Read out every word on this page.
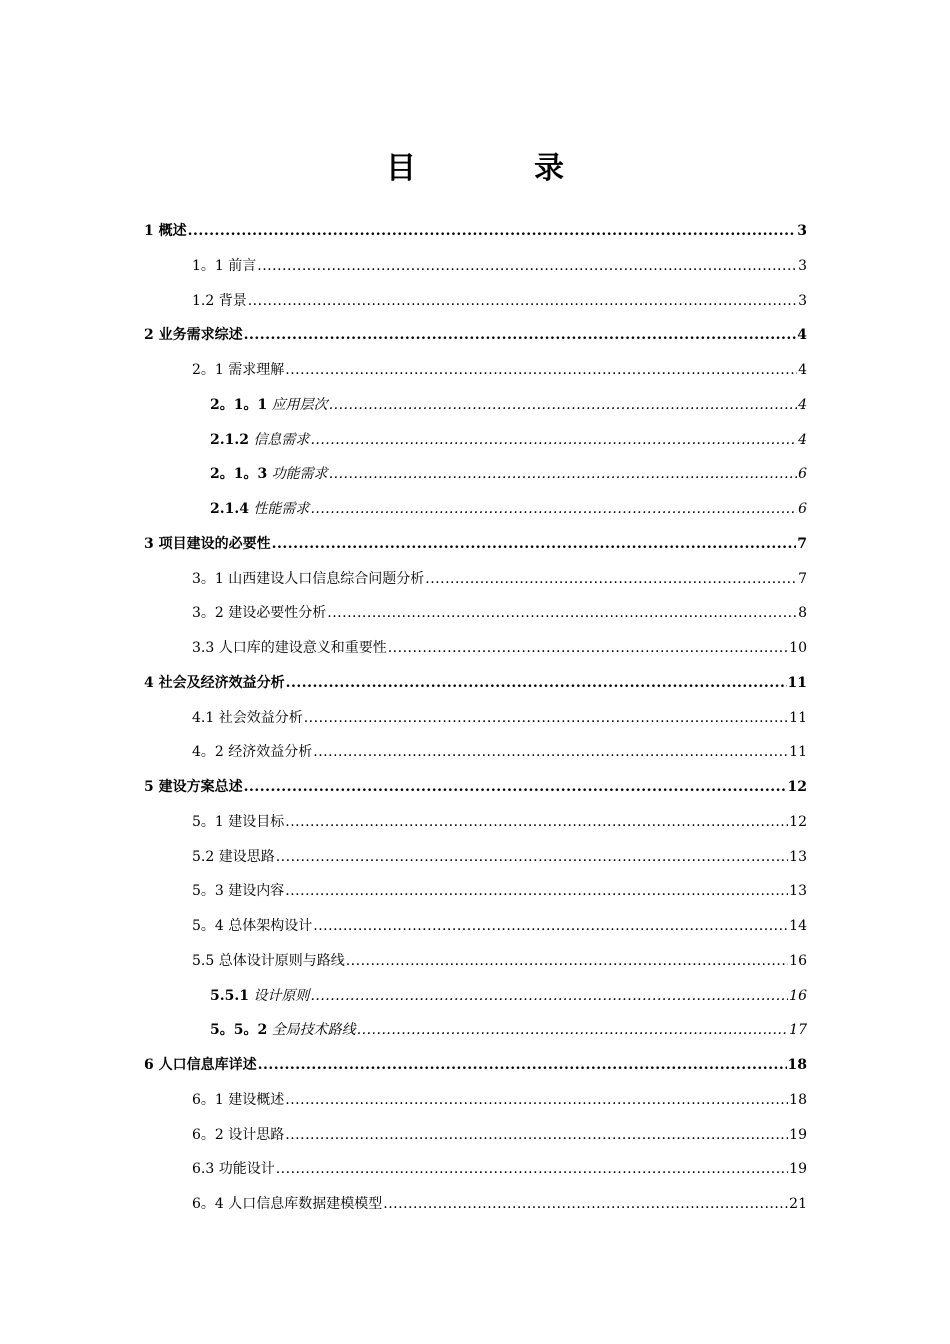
目	录
1 概述 .....	3
1。1 前言 .....	3
1.2 背景 .....	3
2 业务需求综述 .....	4
2。1 需求理解 .....	4
2。1。1 应用层次 .....	4
2.1.2 信息需求 .....	4
2。1。3 功能需求 .....	6
2.1.4 性能需求 .....	6
3 项目建设的必要性 .....	7
3。1 山西建设人口信息综合问题分析 .....	7
3。2 建设必要性分析 .....	8
3.3 人口库的建设意义和重要性 .....	10
4 社会及经济效益分析 .....	11
4.1 社会效益分析 .....	11
4。2 经济效益分析 .....	11
5 建设方案总述 .....	12
5。1 建设目标 .....	12
5.2 建设思路 .....	13
5。3 建设内容 .....	13
5。4 总体架构设计 .....	14
5.5 总体设计原则与路线 .....	16
5.5.1 设计原则 .....	16
5。5。2 全局技术路线 .....	17
6 人口信息库详述 .....	18
6。1 建设概述 .....	18
6。2 设计思路 .....	19
6.3 功能设计 .....	19
6。4 人口信息库数据建模模型 .....	21
